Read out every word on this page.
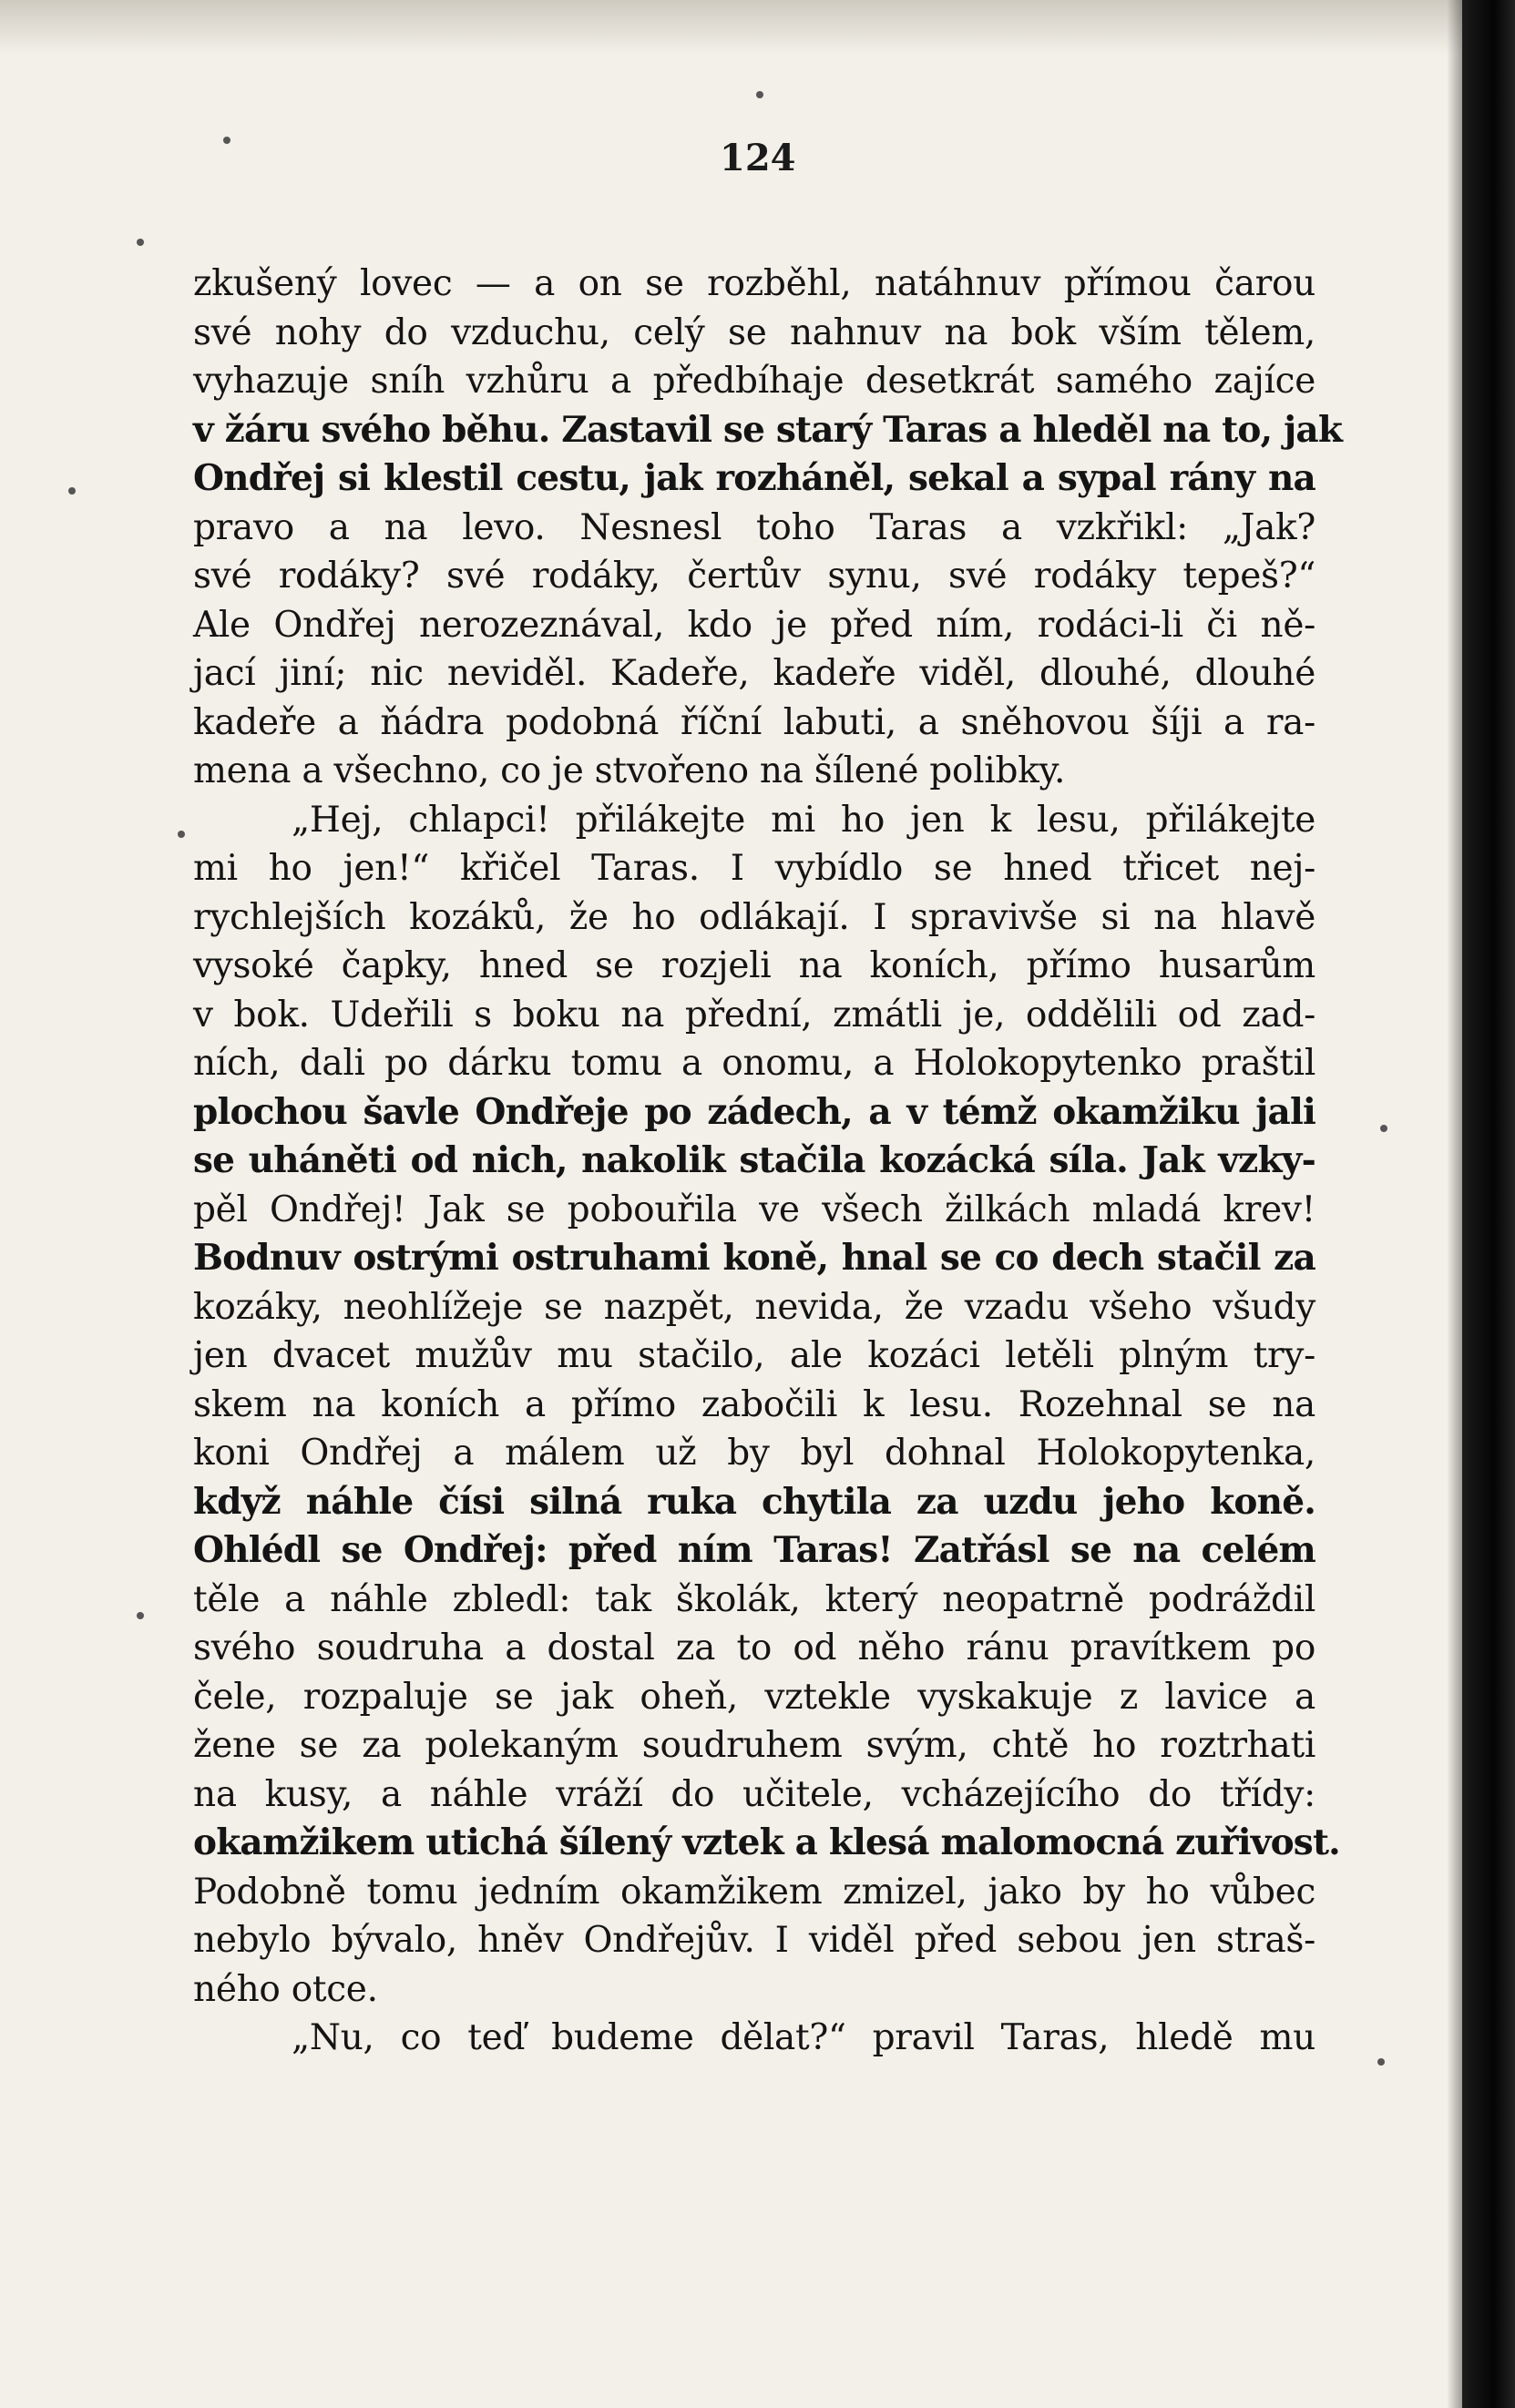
124
zkušený lovec — a on se rozběhl, natáhnuv přímou čarou
své nohy do vzduchu, celý se nahnuv na bok vším tělem,
vyhazuje sníh vzhůru a předbíhaje desetkrát samého zajíce
v žáru svého běhu. Zastavil se starý Taras a hleděl na to, jak
Ondřej si klestil cestu, jak rozháněl, sekal a sypal rány na
pravo a na levo. Nesnesl toho Taras a vzkřikl: „Jak?
své rodáky? své rodáky, čertův synu, své rodáky tepeš?“
Ale Ondřej nerozeznával, kdo je před ním, rodáci-li či ně-
jací jiní; nic neviděl. Kadeře, kadeře viděl, dlouhé, dlouhé
kadeře a ňádra podobná říční labuti, a sněhovou šíji a ra-
mena a všechno, co je stvořeno na šílené polibky.
„Hej, chlapci! přilákejte mi ho jen k lesu, přilákejte
mi ho jen!“ křičel Taras. I vybídlo se hned třicet nej-
rychlejších kozáků, že ho odlákají. I spravivše si na hlavě
vysoké čapky, hned se rozjeli na koních, přímo husarům
v bok. Udeřili s boku na přední, zmátli je, oddělili od zad-
ních, dali po dárku tomu a onomu, a Holokopytenko praštil
plochou šavle Ondřeje po zádech, a v témž okamžiku jali
se uháněti od nich, nakolik stačila kozácká síla. Jak vzky-
pěl Ondřej! Jak se pobouřila ve všech žilkách mladá krev!
Bodnuv ostrými ostruhami koně, hnal se co dech stačil za
kozáky, neohlížeje se nazpět, nevida, že vzadu všeho všudy
jen dvacet mužův mu stačilo, ale kozáci letěli plným try-
skem na koních a přímo zabočili k lesu. Rozehnal se na
koni Ondřej a málem už by byl dohnal Holokopytenka,
když náhle čísi silná ruka chytila za uzdu jeho koně.
Ohlédl se Ondřej: před ním Taras! Zatřásl se na celém
těle a náhle zbledl: tak školák, který neopatrně podráždil
svého soudruha a dostal za to od něho ránu pravítkem po
čele, rozpaluje se jak oheň, vztekle vyskakuje z lavice a
žene se za polekaným soudruhem svým, chtě ho roztrhati
na kusy, a náhle vráží do učitele, vcházejícího do třídy:
okamžikem utichá šílený vztek a klesá malomocná zuřivost.
Podobně tomu jedním okamžikem zmizel, jako by ho vůbec
nebylo bývalo, hněv Ondřejův. I viděl před sebou jen straš-
ného otce.
„Nu, co teď budeme dělat?“ pravil Taras, hledě mu
